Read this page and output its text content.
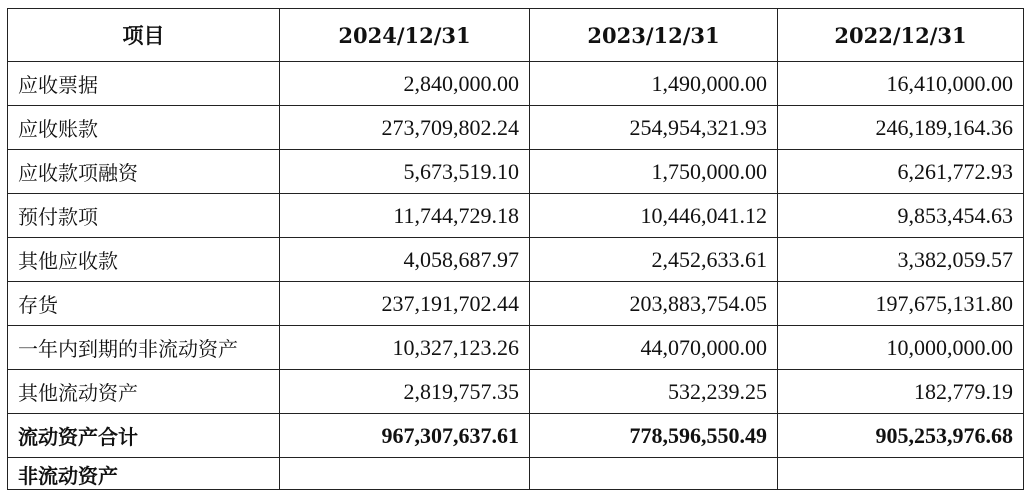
项目	2024/12/31	2023/12/31	2022/12/31
应收票据	2,840,000.00	1,490,000.00	16,410,000.00
应收账款	273,709,802.24	254,954,321.93	246,189,164.36
应收款项融资	5,673,519.10	1,750,000.00	6,261,772.93
预付款项	11,744,729.18	10,446,041.12	9,853,454.63
其他应收款	4,058,687.97	2,452,633.61	3,382,059.57
存货	237,191,702.44	203,883,754.05	197,675,131.80
一年内到期的非流动资产	10,327,123.26	44,070,000.00	10,000,000.00
其他流动资产	2,819,757.35	532,239.25	182,779.19
流动资产合计	967,307,637.61	778,596,550.49	905,253,976.68
非流动资产			
